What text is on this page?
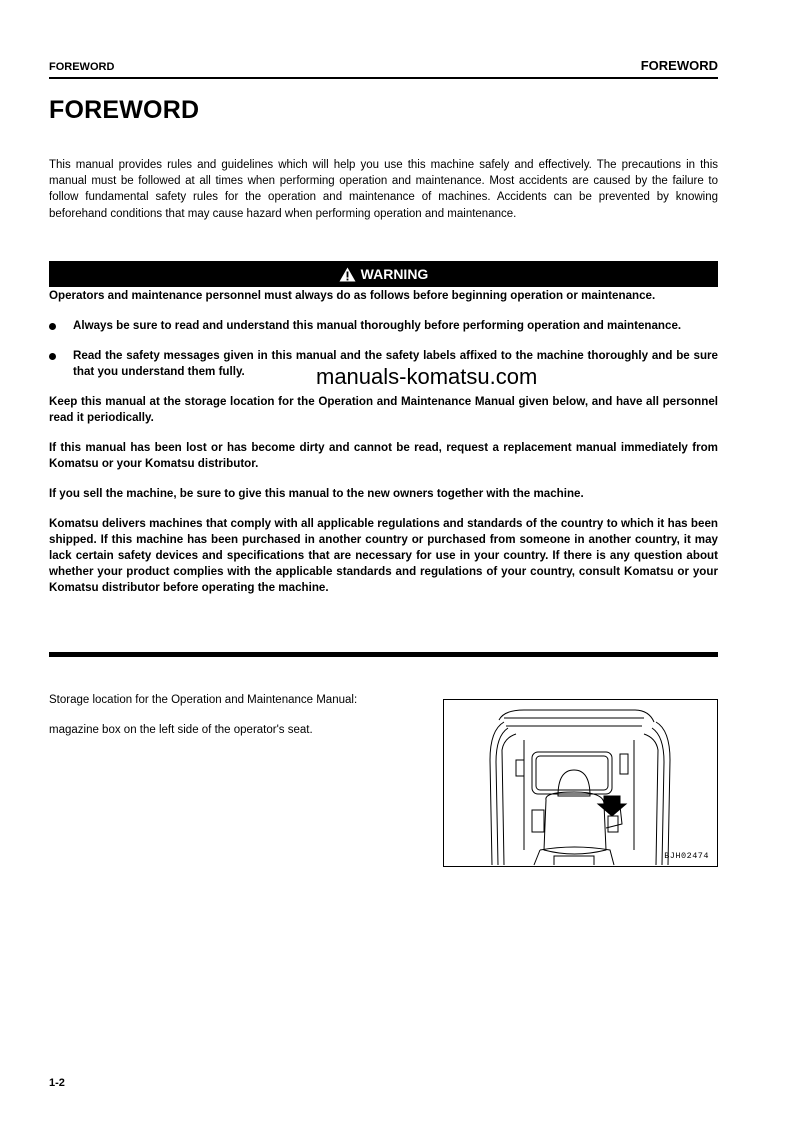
FOREWORD	FOREWORD
FOREWORD

This manual provides rules and guidelines which will help you use this machine safely and effectively. The precautions in this manual must be followed at all times when performing operation and maintenance. Most accidents are caused by the failure to follow fundamental safety rules for the operation and maintenance of machines. Accidents can be prevented by knowing beforehand conditions that may cause hazard when performing operation and maintenance.

WARNING

Operators and maintenance personnel must always do as follows before beginning operation or maintenance.

Always be sure to read and understand this manual thoroughly before performing operation and maintenance.
Read the safety messages given in this manual and the safety labels affixed to the machine thoroughly and be sure that you understand them fully.

Keep this manual at the storage location for the Operation and Maintenance Manual given below, and have all personnel read it periodically.

If this manual has been lost or has become dirty and cannot be read, request a replacement manual immediately from Komatsu or your Komatsu distributor.

If you sell the machine, be sure to give this manual to the new owners together with the machine.

Komatsu delivers machines that comply with all applicable regulations and standards of the country to which it has been shipped. If this machine has been purchased in another country or purchased from someone in another country, it may lack certain safety devices and specifications that are necessary for use in your country. If there is any question about whether your product complies with the applicable standards and regulations of your country, consult Komatsu or your Komatsu distributor before operating the machine.

Storage location for the Operation and Maintenance Manual:

magazine box on the left side of the operator's seat.

BJH02474
1-2
manuals-komatsu.com
